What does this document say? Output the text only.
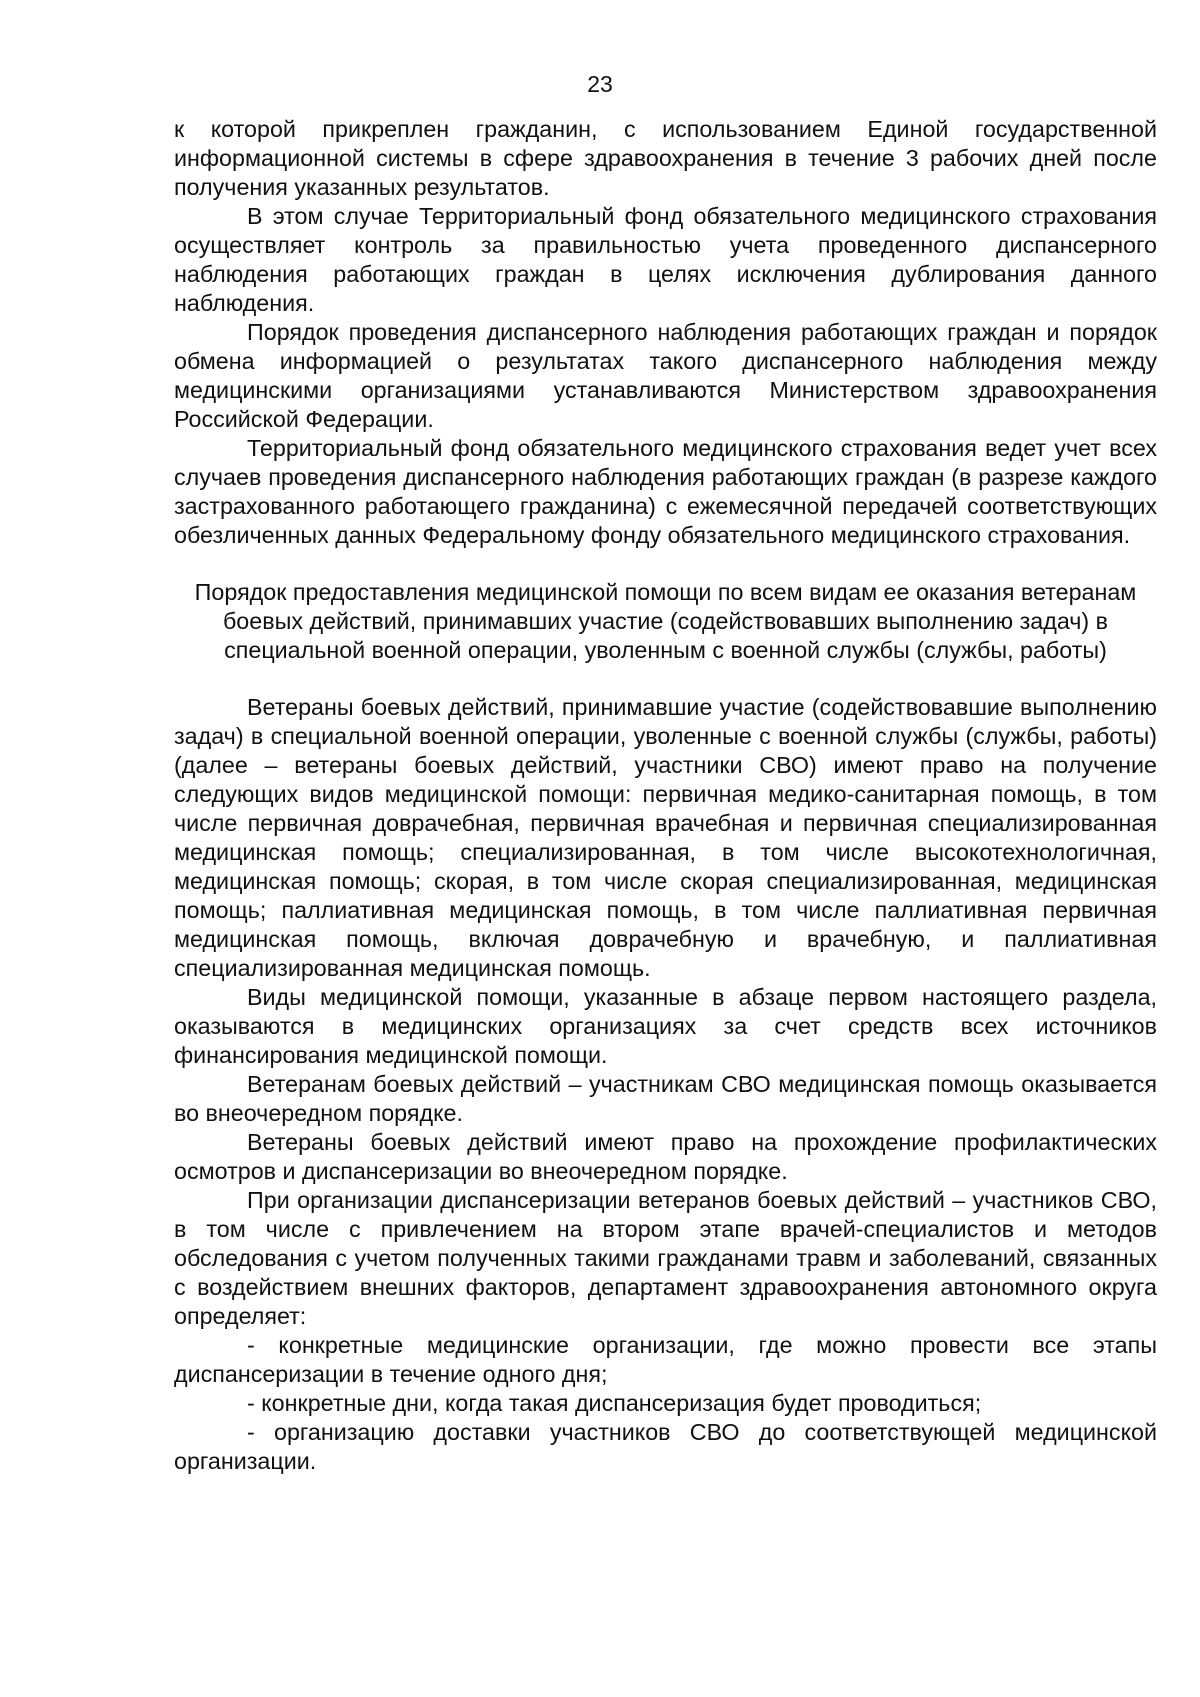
23

к которой прикреплен гражданин, с использованием Единой государственной информационной системы в сфере здравоохранения в течение 3 рабочих дней после получения указанных результатов.

В этом случае Территориальный фонд обязательного медицинского страхования осуществляет контроль за правильностью учета проведенного диспансерного наблюдения работающих граждан в целях исключения дублирования данного наблюдения.

Порядок проведения диспансерного наблюдения работающих граждан и порядок обмена информацией о результатах такого диспансерного наблюдения между медицинскими организациями устанавливаются Министерством здравоохранения Российской Федерации.

Территориальный фонд обязательного медицинского страхования ведет учет всех случаев проведения диспансерного наблюдения работающих граждан (в разрезе каждого застрахованного работающего гражданина) с ежемесячной передачей соответствующих обезличенных данных Федеральному фонду обязательного медицинского страхования.

Порядок предоставления медицинской помощи по всем видам ее оказания ветеранам боевых действий, принимавших участие (содействовавших выполнению задач) в специальной военной операции, уволенным с военной службы (службы, работы)

Ветераны боевых действий, принимавшие участие (содействовавшие выполнению задач) в специальной военной операции, уволенные с военной службы (службы, работы) (далее – ветераны боевых действий, участники СВО) имеют право на получение следующих видов медицинской помощи: первичная медико-санитарная помощь, в том числе первичная доврачебная, первичная врачебная и первичная специализированная медицинская помощь; специализированная, в том числе высокотехнологичная, медицинская помощь; скорая, в том числе скорая специализированная, медицинская помощь; паллиативная медицинская помощь, в том числе паллиативная первичная медицинская помощь, включая доврачебную и врачебную, и паллиативная специализированная медицинская помощь.

Виды медицинской помощи, указанные в абзаце первом настоящего раздела, оказываются в медицинских организациях за счет средств всех источников финансирования медицинской помощи.

Ветеранам боевых действий – участникам СВО медицинская помощь оказывается во внеочередном порядке.

Ветераны боевых действий имеют право на прохождение профилактических осмотров и диспансеризации во внеочередном порядке.

При организации диспансеризации ветеранов боевых действий – участников СВО, в том числе с привлечением на втором этапе врачей-специалистов и методов обследования с учетом полученных такими гражданами травм и заболеваний, связанных с воздействием внешних факторов, департамент здравоохранения автономного округа определяет:

- конкретные медицинские организации, где можно провести все этапы диспансеризации в течение одного дня;

- конкретные дни, когда такая диспансеризация будет проводиться;

- организацию доставки участников СВО до соответствующей медицинской организации.
